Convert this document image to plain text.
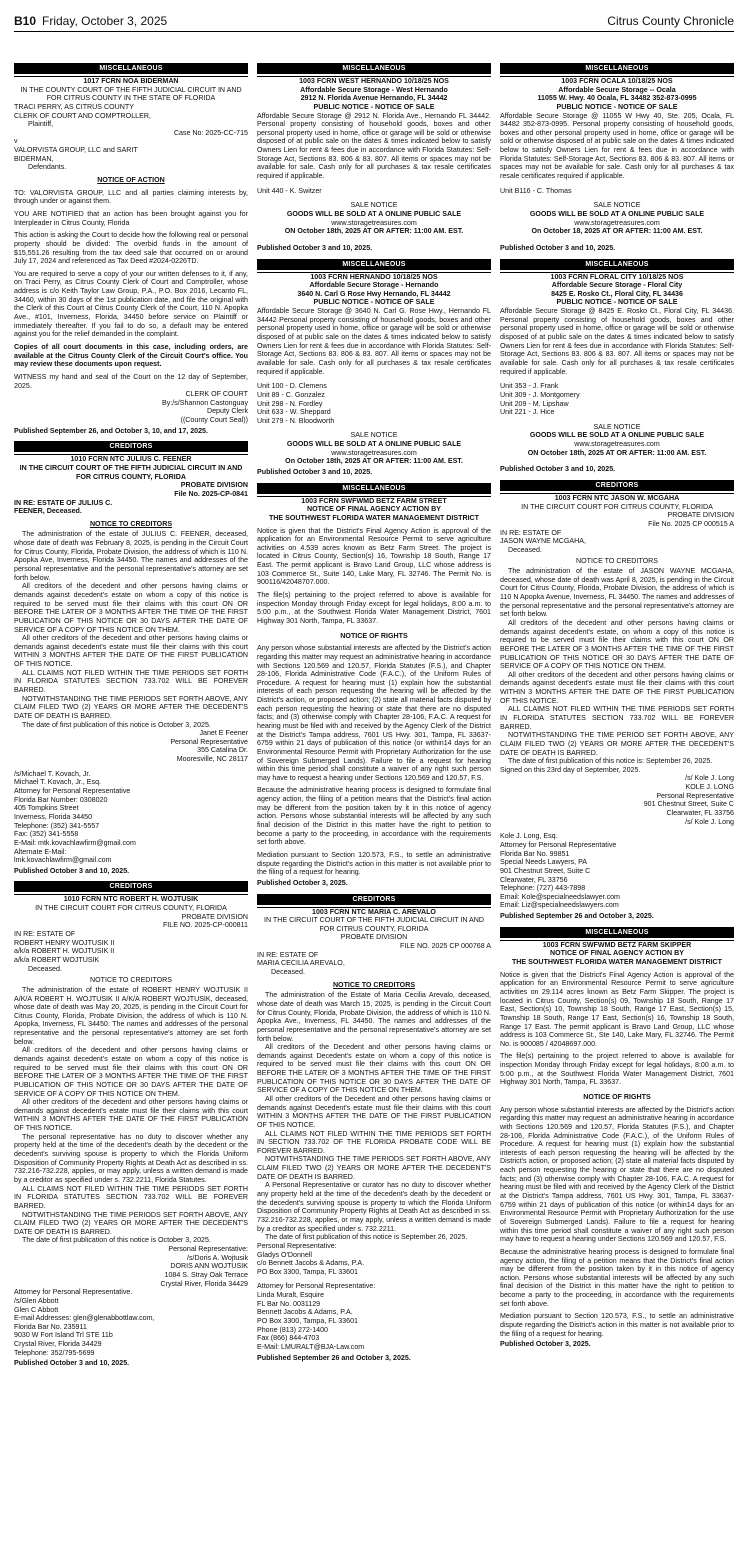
B10 Friday, October 3, 2025	Citrus County Chronicle
MISCELLANEOUS
1017 FCRN NOA BIDERMAN
IN THE COUNTY COURT OF THE FIFTH JUDICIAL CIRCUIT IN AND FOR CITRUS COUNTY IN THE STATE OF FLORIDA
TRACI PERRY, AS CITRUS COUNTY CLERK OF COURT AND COMPTROLLER,
Plaintiff,
Case No: 2025-CC-715
v
VALORVISTA GROUP, LLC and SARIT BIDERMAN,
Defendants.
NOTICE OF ACTION
TO: VALORVISTA GROUP, LLC and all parties claiming interests by, through under or against them.
YOU ARE NOTIFIED that an action has been brought against you for Interpleader in Citrus County, Florida
This action is asking the Court to decide how the following real or personal property should be divided: The overbid funds in the amount of $15,551.26 resulting from the tax deed sale that occurred on or around July 17, 2024 and referenced as Tax Deed #2024-0226TD.
You are required to serve a copy of your our written defenses to it, if any, on Traci Perry, as Citrus County Clerk of Court and Comptroller, whose address is c/o Keith Taylor Law Group, P.A., P.O. Box 2016, Lecanto FL, 34460, within 30 days of the 1st publication date, and file the original with the Clerk of this Court at Citrus County Clerk of the Court, 110 N. Apopka Ave., #101, Inverness, Florida, 34450 before service on Plaintiff or immediately thereafter. If you fail to do so, a default may be entered against you for the relief demanded in the complaint.
Copies of all court documents in this case, including orders, are available at the Citrus County Clerk of the Circuit Court's office. You may review these documents upon request.
WITNESS my hand and seal of the Court on the 12 day of September, 2025.
CLERK OF COURT
By:/s/Shannon Castonguay
Deputy Clerk
((County Court Seal))
Published September 26, and October 3, 10, and 17, 2025.
CREDITORS
1010 FCRN NTC JULIUS C. FEENER
IN THE CIRCUIT COURT OF THE FIFTH JUDICIAL CIRCUIT IN AND FOR CITRUS COUNTY, FLORIDA
PROBATE DIVISION
File No. 2025-CP-0841
IN RE: ESTATE OF JULIUS C. FEENER, Deceased.
NOTICE TO CREDITORS
The administration of the estate of JULIUS C. FEENER, deceased, whose date of death was February 8, 2025, is pending in the Circuit Court for Citrus County, Florida, Probate Division, the address of which is 110 N. Apopka Ave, Inverness, Florida 34450. The names and addresses of the personal representative and the personal representative's attorney are set forth below.
All creditors of the decedent and other persons having claims or demands against decedent's estate on whom a copy of this notice is required to be served must file their claims with this court ON OR BEFORE THE LATER OF 3 MONTHS AFTER THE TIME OF THE FIRST PUBLICATION OF THIS NOTICE OR 30 DAYS AFTER THE DATE OF SERVICE OF A COPY OF THIS NOTICE ON THEM.
All other creditors of the decedent and other persons having claims or demands against decedent's estate must file their claims with this court WITHIN 3 MONTHS AFTER THE DATE OF THE FIRST PUBLICATION OF THIS NOTICE.
ALL CLAIMS NOT FILED WITHIN THE TIME PERIODS SET FORTH IN FLORIDA STATUTES SECTION 733.702 WILL BE FOREVER BARRED.
NOTWITHSTANDING THE TIME PERIODS SET FORTH ABOVE, ANY CLAIM FILED TWO (2) YEARS OR MORE AFTER THE DECEDENT'S DATE OF DEATH IS BARRED.
The date of first publication of this notice is October 3, 2025.
Janet E Feener
Personal Representative
355 Catalina Dr.
Mooresville, NC 28117
/s/Michael T. Kovach, Jr.
Michael T. Kovach, Jr., Esq.
Attorney for Personal Representative
Florida Bar Number: 0308020
405 Tompkins Street
Inverness, Florida 34450
Telephone: (352) 341-5557
Fax: (352) 341-5558
E-Mail: mtk.kovachlawfirm@gmail.com
Alternate E-Mail:
lmk.kovachlawfirm@gmail.com
Published October 3 and 10, 2025.
CREDITORS
1010 FCRN NTC ROBERT H. WOJTUSIK
IN THE CIRCUIT COURT FOR CITRUS COUNTY, FLORIDA
PROBATE DIVISION
FILE NO. 2025-CP-000811
IN RE: ESTATE OF
ROBERT HENRY WOJTUSIK II
a/k/a ROBERT H. WOJTUSIK II
a/k/a ROBERT WOJTUSIK
Deceased.
NOTICE TO CREDITORS
The administration of the estate of ROBERT HENRY WOJTUSIK II A/K/A ROBERT H. WOJTUSIK II A/K/A ROBERT WOJTUSIK, deceased, whose date of death was May 20, 2025, is pending in the Circuit Court for Citrus County, Florida, Probate Division, the address of which is 110 N. Apopka, Inverness, FL 34450. The names and addresses of the personal representative and the personal representative's attorney are set forth below.
All creditors of the decedent and other persons having claims or demands against decedent's estate on whom a copy of this notice is required to be served must file their claims with this court ON OR BEFORE THE LATER OF 3 MONTHS AFTER THE TIME OF THE FIRST PUBLICATION OF THIS NOTICE OR 30 DAYS AFTER THE DATE OF SERVICE OF A COPY OF THIS NOTICE ON THEM.
All other creditors of the decedent and other persons having claims or demands against decedent's estate must file their claims with this court WITHIN 3 MONTHS AFTER THE DATE OF THE FIRST PUBLICATION OF THIS NOTICE.
The personal representative has no duty to discover whether any property held at the time of the decedent's death by the decedent or the decedent's surviving spouse is property to which the Florida Uniform Disposition of Community Property Rights at Death Act as described in ss. 732.216-732.228, applies, or may apply, unless a written demand is made by a creditor as specified under s. 732.2211, Florida Statutes.
ALL CLAIMS NOT FILED WITHIN THE TIME PERIODS SET FORTH IN FLORIDA STATUTES SECTION 733.702 WILL BE FOREVER BARRED.
NOTWITHSTANDING THE TIME PERIODS SET FORTH ABOVE, ANY CLAIM FILED TWO (2) YEARS OR MORE AFTER THE DECEDENT'S DATE OF DEATH IS BARRED.
The date of first publication of this notice is October 3, 2025.
Personal Representative:
/s/Doris A. Wojtusik
DORIS ANN WOJTUSIK
1084 S. Stray Oak Terrace
Crystal River, Florida 34429
Attorney for Personal Representative.
/s/Glen Abbott
Glen C Abbott
E-mail Addresses: glen@glenabbottlaw.com,
Florida Bar No. 235911
9030 W Fort Island Trl STE 11b
Crystal River, Florida 34429
Telephone: 352/795-5699
Published October 3 and 10, 2025.
MISCELLANEOUS
1003 FCRN WEST HERNANDO 10/18/25 NOS
Affordable Secure Storage - West Hernando
2912 N. Florida Avenue Hernando, FL 34442
PUBLIC NOTICE - NOTICE OF SALE
Affordable Secure Storage @ 2912 N. Florida Ave., Hernando FL 34442. Personal property consisting of household goods, boxes and other personal property used in home, office or garage will be sold or otherwise disposed of at public sale on the dates & times indicated below to satisfy Owners Lien for rent & fees due in accordance with Florida Statutes: Self-Storage Act, Sections 83. 806 & 83. 807. All items or spaces may not be available for sale. Cash only for all purchases & tax resale certificates required if applicable.
Unit 440 - K. Switzer
SALE NOTICE
GOODS WILL BE SOLD AT A ONLINE PUBLIC SALE
www.storagetreasures.com
ON October 18th, 2025 AT OR AFTER: 11:00 AM. EST.
Published October 3 and 10, 2025.
MISCELLANEOUS
1003 FCRN HERNANDO 10/18/25 NOS
Affordable Secure Storage - Hernando
3640 N. Carl G Rose Hwy Hernando, FL 34442
PUBLIC NOTICE - NOTICE OF SALE
Affordable Secure Storage @ 3640 N. Carl G. Rose Hwy., Hernando FL 34442 Personal property consisting of household goods, boxes and other personal property used in home, office or garage will be sold or otherwise disposed of at public sale on the dates & times indicated below to satisfy Owners Lien for rent & fees due in accordance with Florida Statutes: Self-Storage Act, Sections 83. 806 & 83. 807. All items or spaces may not be available for sale. Cash only for all purchases & tax resale certificates required if applicable.
Unit 100 - D. Clemens
Unit 89 - C. Gonzalez
Unit 298 - N. Fordley
Unit 633 - W. Sheppard
Unit 279 - N. Bloodworth
SALE NOTICE
GOODS WILL BE SOLD AT A ONLINE PUBLIC SALE
www.storagetreasures.com
On October 18th, 2025 AT OR AFTER: 11:00 AM. EST.
Published October 3 and 10, 2025.
MISCELLANEOUS
1003 FCRN SWFWMD BETZ FARM STREET
NOTICE OF FINAL AGENCY ACTION BY
THE SOUTHWEST FLORIDA WATER MANAGEMENT DISTRICT
Notice is given that the District's Final Agency Action is approval of the application for an Environmental Resource Permit to serve agriculture activities on 4.539 acres known as Betz Farm Street. The project is located in Citrus County, Section(s) 16, Township 18 South, Range 17 East. The permit applicant is Bravo Land Group, LLC whose address is 103 Commerce St., Suite 140, Lake Mary, FL 32746. The Permit No. is 900116/42048707.000.
The file(s) pertaining to the project referred to above is available for inspection Monday through Friday except for legal holidays, 8:00 a.m. to 5:00 p.m., at the Southwest Florida Water Management District, 7601 Highway 301 North, Tampa, FL 33637.
NOTICE OF RIGHTS
Any person whose substantial interests are affected by the District's action regarding this matter may request an administrative hearing in accordance with Sections 120.569 and 120.57, Florida Statutes (F.S.), and Chapter 28-106, Florida Administrative Code (F.A.C.), of the Uniform Rules of Procedure. A request for hearing must (1) explain how the substantial interests of each person requesting the hearing will be affected by the District's action, or proposed action; (2) state all material facts disputed by each person requesting the hearing or state that there are no disputed facts; and (3) otherwise comply with Chapter 28-106, F.A.C. A request for hearing must be filed with and received by the Agency Clerk of the District at the District's Tampa address, 7601 US Hwy. 301, Tampa, FL 33637-6759 within 21 days of publication of this notice (or within14 days for an Environmental Resource Permit with Proprietary Authorization for the use of Sovereign Submerged Lands). Failure to file a request for hearing within this time period shall constitute a waiver of any right such person may have to request a hearing under Sections 120.569 and 120.57, F.S.
Because the administrative hearing process is designed to formulate final agency action, the filing of a petition means that the District's final action may be different from the position taken by it in this notice of agency action. Persons whose substantial interests will be affected by any such final decision of the District in this matter have the right to petition to become a party to the proceeding, in accordance with the requirements set forth above.
Mediation pursuant to Section 120.573, F.S., to settle an administrative dispute regarding the District's action in this matter is not available prior to the filing of a request for hearing.
Published October 3, 2025.
CREDITORS
1003 FCRN NTC MARIA C. AREVALO
IN THE CIRCUIT COURT OF THE FIFTH JUDICIAL CIRCUIT IN AND FOR CITRUS COUNTY, FLORIDA
PROBATE DIVISION
FILE NO. 2025 CP 000768 A
IN RE: ESTATE OF
MARIA CECILIA AREVALO,
Deceased.
NOTICE TO CREDITORS
The administration of the Estate of Maria Cecilia Arevalo, deceased, whose date of death was March 15, 2025, is pending in the Circuit Court for Citrus County, Florida, Probate Division, the address of which is 110 N. Apopka Ave., Inverness, FL 34450. The names and addresses of the personal representative and the personal representative's attorney are set forth below.
All creditors of the Decedent and other persons having claims or demands against Decedent's estate on whom a copy of this notice is required to be served must file their claims with this court ON OR BEFORE THE LATER OF 3 MONTHS AFTER THE TIME OF THE FIRST PUBLICATION OF THIS NOTICE OR 30 DAYS AFTER THE DATE OF SERVICE OF A COPY OF THIS NOTICE ON THEM.
All other creditors of the Decedent and other persons having claims or demands against Decedent's estate must file their claims with this court WITHIN 3 MONTHS AFTER THE DATE OF THE FIRST PUBLICATION OF THIS NOTICE.
ALL CLAIMS NOT FILED WITHIN THE TIME PERIODS SET FORTH IN SECTION 733.702 OF THE FLORIDA PROBATE CODE WILL BE FOREVER BARRED.
NOTWITHSTANDING THE TIME PERIODS SET FORTH ABOVE, ANY CLAIM FILED TWO (2) YEARS OR MORE AFTER THE DECEDENT'S DATE OF DEATH IS BARRED.
A Personal Representative or curator has no duty to discover whether any property held at the time of the decedent's death by the decedent or the decedent's surviving spouse is property to which the Florida Uniform Disposition of Community Property Rights at Death Act as described in ss. 732.216-732.228, applies, or may apply, unless a written demand is made by a creditor as specified under s. 732.2211.
The date of first publication of this notice is September 26, 2025.
Personal Representative:
Gladys O'Donnell
c/o Bennett Jacobs & Adams, P.A.
PO Box 3300, Tampa, FL 33601
Attorney for Personal Representative:
Linda Muralt, Esquire
FL Bar No. 0031129
Bennett Jacobs & Adams, P.A.
PO Box 3300, Tampa, FL 33601
Phone (813) 272-1400
Fax (866) 844-4703
E-Mail: LMURALT@BJA-Law.com
Published September 26 and October 3, 2025.
MISCELLANEOUS
1003 FCRN OCALA 10/18/25 NOS
Affordable Secure Storage -- Ocala
11055 W. Hwy. 40 Ocala, FL 34482 352-873-0995
PUBLIC NOTICE - NOTICE OF SALE
Affordable Secure Storage @ 11055 W Hwy 40, Ste. 205, Ocala, FL 34482 352-873-0995. Personal property consisting of household goods, boxes and other personal property used in home, office or garage will be sold or otherwise disposed of at public sale on the dates & times indicated below to satisfy Owners Lien for rent & fees due in accordance with Florida Statutes: Self-Storage Act, Sections 83. 806 & 83. 807. All items or spaces may not be available for sale. Cash only for all purchases & tax resale certificates required if applicable.
Unit B116 - C. Thomas
SALE NOTICE
GOODS WILL BE SOLD AT A ONLINE PUBLIC SALE
www.storagetreasures.com
On October 18, 2025 AT OR AFTER: 11:00 AM. EST.
Published October 3 and 10, 2025.
MISCELLANEOUS
1003 FCRN FLORAL CITY 10/18/25 NOS
Affordable Secure Storage - Floral City
8425 E. Rosko Ct., Floral City, FL 34436
PUBLIC NOTICE - NOTICE OF SALE
Affordable Secure Storage @ 8425 E. Rosko Ct., Floral City, FL 34436. Personal property consisting of household goods, boxes and other personal property used in home, office or garage will be sold or otherwise disposed of at public sale on the dates & times indicated below to satisfy Owners Lien for rent & fees due in accordance with Florida Statutes: Self-Storage Act, Sections 83. 806 & 83. 807. All items or spaces may not be available for sale. Cash only for all purchases & tax resale certificates required if applicable.
Unit 353 - J. Frank
Unit 309 - J. Montgomery
Unit 209 - M. Lipshaw
Unit 221 - J. Hice
SALE NOTICE
GOODS WILL BE SOLD AT A ONLINE PUBLIC SALE
www.storagetreasures.com
ON October 18th, 2025 AT OR AFTER: 11:00 AM. EST.
Published October 3 and 10, 2025.
CREDITORS
1003 FCRN NTC JASON W. MCGAHA
IN THE CIRCUIT COURT FOR CITRUS COUNTY, FLORIDA
PROBATE DIVISION
File No. 2025 CP 000515 A
IN RE: ESTATE OF
JASON WAYNE MCGAHA,
Deceased.
NOTICE TO CREDITORS
The administration of the estate of JASON WAYNE MCGAHA, deceased, whose date of death was April 8, 2025, is pending in the Circuit Court for Citrus County, Florida, Probate Division, the address of which is 110 N Apopka Avenue, Inverness, FL 34450. The names and addresses of the personal representative and the personal representative's attorney are set forth below.
All creditors of the decedent and other persons having claims or demands against decedent's estate, on whom a copy of this notice is required to be served must file their claims with this court ON OR BEFORE THE LATER OF 3 MONTHS AFTER THE TIME OF THE FIRST PUBLICATION OF THIS NOTICE OR 30 DAYS AFTER THE DATE OF SERVICE OF A COPY OF THIS NOTICE ON THEM.
All other creditors of the decedent and other persons having claims or demands against decedent's estate must file their claims with this court WITHIN 3 MONTHS AFTER THE DATE OF THE FIRST PUBLICATION OF THIS NOTICE.
ALL CLAIMS NOT FILED WITHIN THE TIME PERIODS SET FORTH IN FLORIDA STATUTES SECTION 733.702 WILL BE FOREVER BARRED.
NOTWITHSTANDING THE TIME PERIOD SET FORTH ABOVE, ANY CLAIM FILED TWO (2) YEARS OR MORE AFTER THE DECEDENT'S DATE OF DEATH IS BARRED.
The date of first publication of this notice is: September 26, 2025.
Signed on this 23rd day of September, 2025.
/s/ Kole J. Long
KOLE J. LONG
Personal Representative
901 Chestnut Street, Suite C
Clearwater, FL 33756
/s/ Kole J. Long
Kole J. Long, Esq.
Attorney for Personal Representative
Florida Bar No. 99851
Special Needs Lawyers, PA
901 Chestnut Street, Suite C
Clearwater, FL 33756
Telephone: (727) 443-7898
Email: Kole@specialneedslawyer.com
Email: Liz@specialneedslawyers.com
Published September 26 and October 3, 2025.
MISCELLANEOUS
1003 FCRN SWFWMD BETZ FARM SKIPPER
NOTICE OF FINAL AGENCY ACTION BY
THE SOUTHWEST FLORIDA WATER MANAGEMENT DISTRICT
Notice is given that the District's Final Agency Action is approval of the application for an Environmental Resource Permit to serve agriculture activities on 29.114 acres known as Betz Farm Skipper. The project is located in Citrus County, Section(s) 09, Township 18 South, Range 17 East, Section(s) 10, Township 18 South, Range 17 East, Section(s) 15, Township 18 South, Range 17 East, Section(s) 16, Township 18 South, Range 17 East. The permit applicant is Bravo Land Group, LLC whose address is 103 Commerce St., Ste 140, Lake Mary, FL 32746. The Permit No. is 900085 / 42048697.000.
The file(s) pertaining to the project referred to above is available for inspection Monday through Friday except for legal holidays, 8:00 a.m. to 5:00 p.m., at the Southwest Florida Water Management District, 7601 Highway 301 North, Tampa, FL 33637.
NOTICE OF RIGHTS
Any person whose substantial interests are affected by the District's action regarding this matter may request an administrative hearing in accordance with Sections 120.569 and 120.57, Florida Statutes (F.S.), and Chapter 28-106, Florida Administrative Code (F.A.C.), of the Uniform Rules of Procedure. A request for hearing must (1) explain how the substantial interests of each person requesting the hearing will be affected by the District's action, or proposed action; (2) state all material facts disputed by each person requesting the hearing or state that there are no disputed facts; and (3) otherwise comply with Chapter 28-106, F.A.C. A request for hearing must be filed with and received by the Agency Clerk of the District at the District's Tampa address, 7601 US Hwy. 301, Tampa, FL 33637-6759 within 21 days of publication of this notice (or within14 days for an Environmental Resource Permit with Proprietary Authorization for the use of Sovereign Submerged Lands). Failure to file a request for hearing within this time period shall constitute a waiver of any right such person may have to request a hearing under Sections 120.569 and 120.57, F.S.
Because the administrative hearing process is designed to formulate final agency action, the filing of a petition means that the District's final action may be different from the position taken by it in this notice of agency action. Persons whose substantial interests will be affected by any such final decision of the District in this matter have the right to petition to become a party to the proceeding, in accordance with the requirements set forth above.
Mediation pursuant to Section 120.573, F.S., to settle an administrative dispute regarding the District's action in this matter is not available prior to the filing of a request for hearing.
Published October 3, 2025.
